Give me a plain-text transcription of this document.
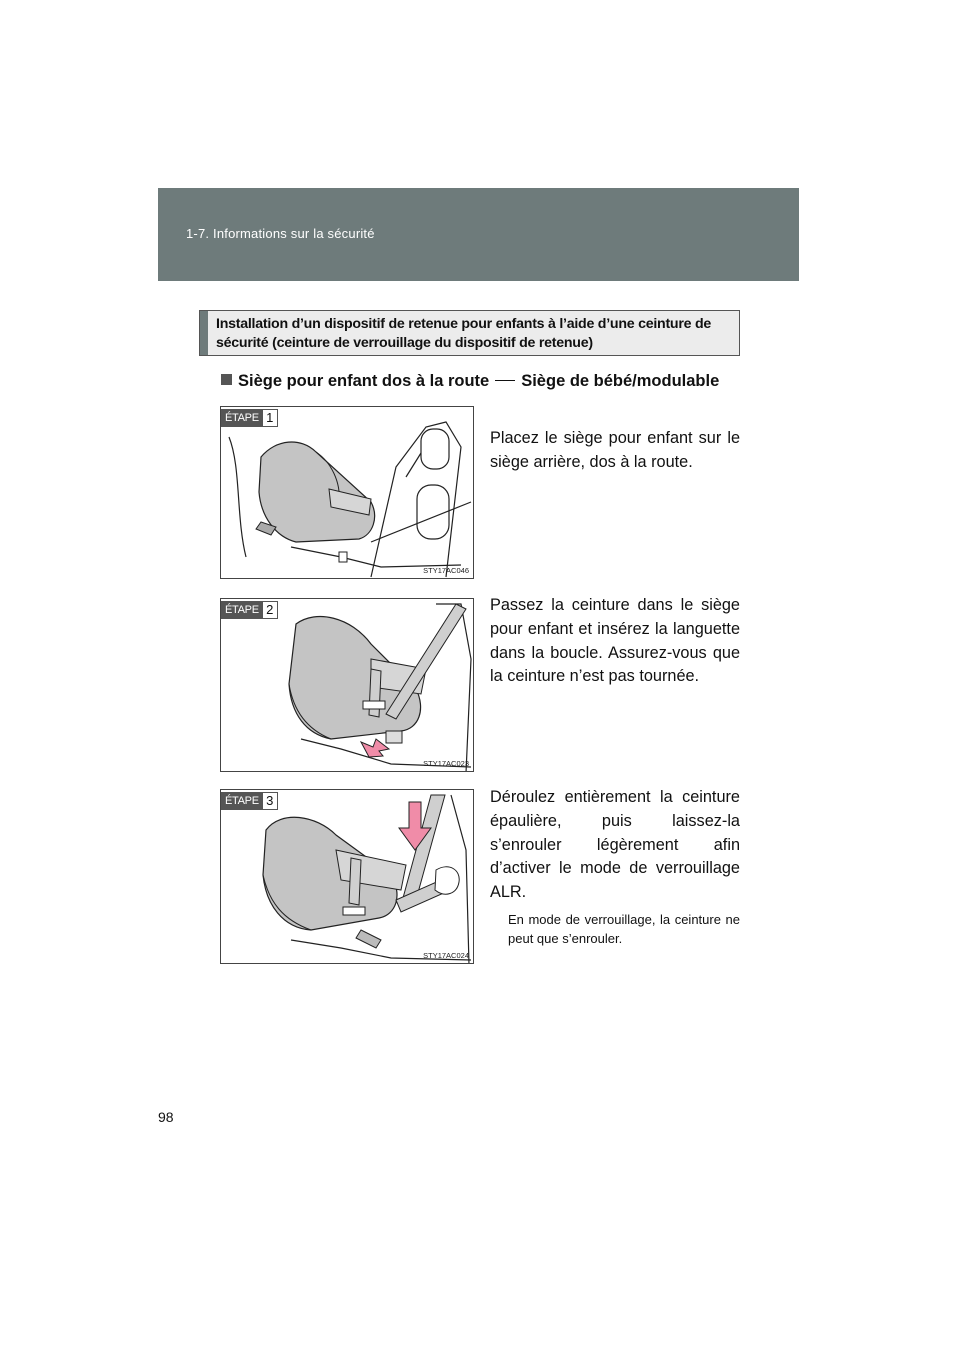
1-7. Informations sur la sécurité
Installation d’un dispositif de retenue pour enfants à l’aide d’une ceinture de sécurité (ceinture de verrouillage du dispositif de retenue)
Siège pour enfant dos à la route Siège de bébé/modulable
ÉTAPE 1
STY17AC046
Placez le siège pour enfant sur le siège arrière, dos à la route.
ÉTAPE 2
STY17AC023
Passez la ceinture dans le siège pour enfant et insérez la languette dans la boucle. Assurez-vous que la ceinture n’est pas tournée.
ÉTAPE 3
STY17AC024
Déroulez entièrement la ceinture épaulière, puis laissez-la s’enrouler légèrement afin d’activer le mode de verrouillage ALR.
En mode de verrouillage, la ceinture ne peut que s’enrouler.
98
